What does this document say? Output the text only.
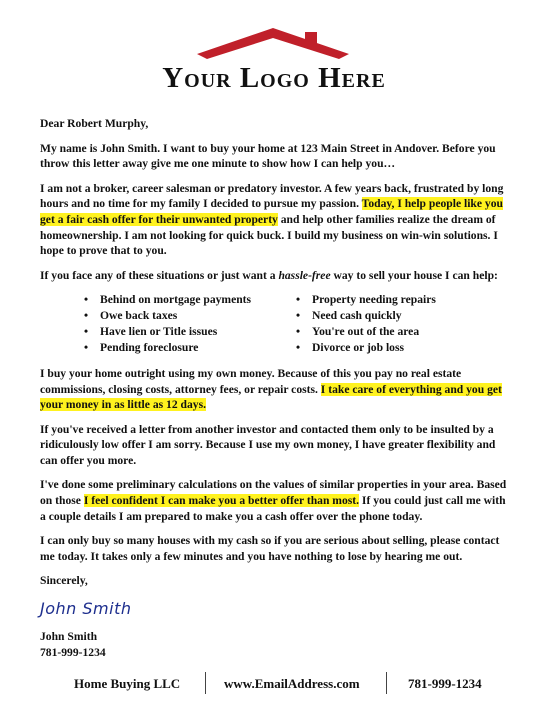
Your Logo Here

Dear Robert Murphy,

My name is John Smith. I want to buy your home at 123 Main Street in Andover. Before you throw this letter away give me one minute to show how I can help you…

I am not a broker, career salesman or predatory investor. A few years back, frustrated by long hours and no time for my family I decided to pursue my passion. Today, I help people like you get a fair cash offer for their unwanted property and help other families realize the dream of homeownership. I am not looking for quick buck. I build my business on win-win solutions. I hope to prove that to you.

If you face any of these situations or just want a hassle-free way to sell your house I can help:

• Behind on mortgage payments
• Owe back taxes
• Have lien or Title issues
• Pending foreclosure
• Property needing repairs
• Need cash quickly
• You're out of the area
• Divorce or job loss

I buy your home outright using my own money. Because of this you pay no real estate commissions, closing costs, attorney fees, or repair costs. I take care of everything and you get your money in as little as 12 days.

If you've received a letter from another investor and contacted them only to be insulted by a ridiculously low offer I am sorry. Because I use my own money, I have greater flexibility and can offer you more.

I've done some preliminary calculations on the values of similar properties in your area. Based on those I feel confident I can make you a better offer than most. If you could just call me with a couple details I am prepared to make you a cash offer over the phone today.

I can only buy so many houses with my cash so if you are serious about selling, please contact me today. It takes only a few minutes and you have nothing to lose by hearing me out.

Sincerely,

John Smith
John Smith
781-999-1234
Home Buying LLC	www.EmailAddress.com	781-999-1234
